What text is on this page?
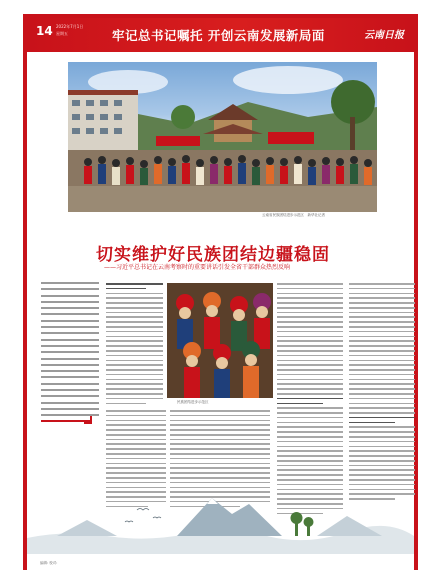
14 2022年7月1日
星期五	牢记总书记嘱托 开创云南发展新局面	云南日报
云南省民族团结进步示范区　新华社记者
切实维护好民族团结边疆稳固
——习近平总书记在云南考察时的重要讲话引发全省干部群众热烈反响
民族团结进步示范区
编辑: 校对:
